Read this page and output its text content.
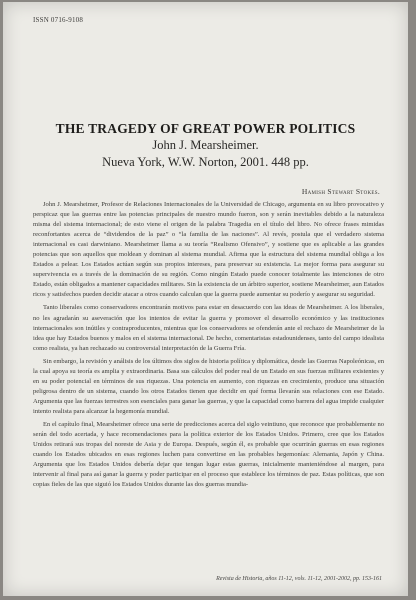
ISSN 0716-9108
THE TRAGEDY OF GREAT POWER POLITICS
John J. Mearsheimer.
Nueva York, W.W. Norton, 2001. 448 pp.
Hamish Stewart Stokes.

John J. Mearsheimer, Profesor de Relaciones Internacionales de la Universidad de Chicago, argumenta en su libro provocativo y perspicaz que las guerras entre las potencias principales de nuestro mundo fueron, son y serán inevitables debido a la naturaleza misma del sistema internacional; de esto viene el origen de la palabra Tragedia en el título del libro. No ofrece frases mimidas reconfortantes acerca de “dividendos de la paz” o “la familia de las naciones”. Al revés, postula que el verdadero sistema internacional es casi darwiniano. Mearsheimer llama a su teoría “Realismo Ofensivo”, y sostiene que es aplicable a las grandes potencias que son aquellos que moldean y dominan al sistema mundial. Afirma que la estructura del sistema mundial obliga a los Estados a pelear. Los Estados actúan según sus propios intereses, para preservar su existencia. La mejor forma para asegurar su supervivencia es a través de la dominación de su región. Como ningún Estado puede conocer totalmente las intenciones de otro Estado, están obligados a mantener capacidades militares. Sin la existencia de un árbitro superior, sostiene Mearsheimer, aun Estados ricos y satisfechos pueden decidir atacar a otros cuando calculan que la guerra puede aumentar su poderío y asegurar su seguridad.

Tanto liberales como conservadores encontrarán motivos para estar en desacuerdo con las ideas de Mearsheimer. A los liberales, no les agradarán su aseveración que los intentos de evitar la guerra y promover el desarrollo económico y las instituciones internacionales son inútiles y contraproducentes, mientras que los conservadores se ofenderán ante el rechazo de Mearsheimer de la idea que hay Estados buenos y malos en el sistema internacional. De hecho, comentaristas estadounidenses, tanto del campo idealista como realista, ya han rechazado su controversial interpretación de la Guerra Fría.

Sin embargo, la revisión y análisis de los últimos dos siglos de historia política y diplomática, desde las Guerras Napoleónicas, en la cual apoya su teoría es amplia y extraordinaria. Basa sus cálculos del poder real de un Estado en sus fuerzas militares existentes y en su poder potencial en términos de sus riquezas. Una potencia en aumento, con riquezas en crecimiento, produce una situación peligrosa dentro de un sistema, cuando los otros Estados tienen que decidir en qué forma llevarán sus relaciones con ese Estado. Argumenta que las fuerzas terrestres son esenciales para ganar las guerras, y que la capacidad como barrera del agua impide cualquier intento realista para alcanzar la hegemonía mundial.

En el capítulo final, Mearsheimer ofrece una serie de predicciones acerca del siglo veintiuno, que reconoce que probablemente no serán del todo acertada, y hace recomendaciones para la política exterior de los Estados Unidos. Primero, cree que los Estados Unidos retirará sus tropas del noreste de Asia y de Europa. Después, según él, es probable que ocurrirán guerras en esas regiones cuando los Estados ubicados en esas regiones luchen para convertirse en las probables hegemonías: Alemania, Japón y China. Argumenta que los Estados Unidos debería dejar que tengan lugar estas guerras, inicialmente manteniéndose al margen, para intervenir al final para así ganar la guerra y poder participar en el proceso que establece los términos de paz. Estas políticas, que son copias fieles de las que siguió los Estados Unidos durante las dos guerras mundia-

Revista de Historia, años 11-12, vols. 11-12, 2001-2002, pp. 153-161
